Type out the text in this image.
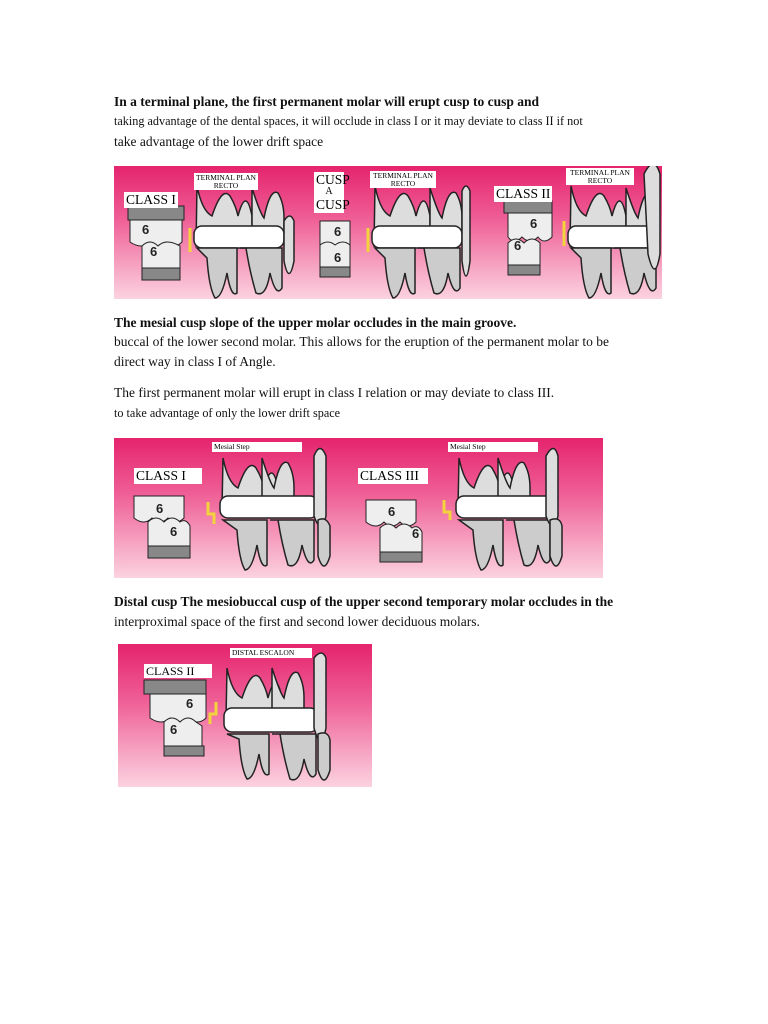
In a terminal plane, the first permanent molar will erupt cusp to cusp and
taking advantage of the dental spaces, it will occlude in class I or it may deviate to class II if not
take advantage of the lower drift space
CLASS I
TERMINAL PLAN
RECTO
6
6
CUSP
A
CUSP
TERMINAL PLAN
RECTO
6
6
CLASS II
TERMINAL PLAN
RECTO
6
6
The mesial cusp slope of the upper molar occludes in the main groove.
buccal of the lower second molar. This allows for the eruption of the permanent molar to be
direct way in class I of Angle.
The first permanent molar will erupt in class I relation or may deviate to class III.
to take advantage of only the lower drift space
Mesial Step	Mesial Step
CLASS I	CLASS III
6
6
6
6
Distal cusp The mesiobuccal cusp of the upper second temporary molar occludes in the
interproximal space of the first and second lower deciduous molars.
DISTAL ESCALON
CLASS II
6
6
